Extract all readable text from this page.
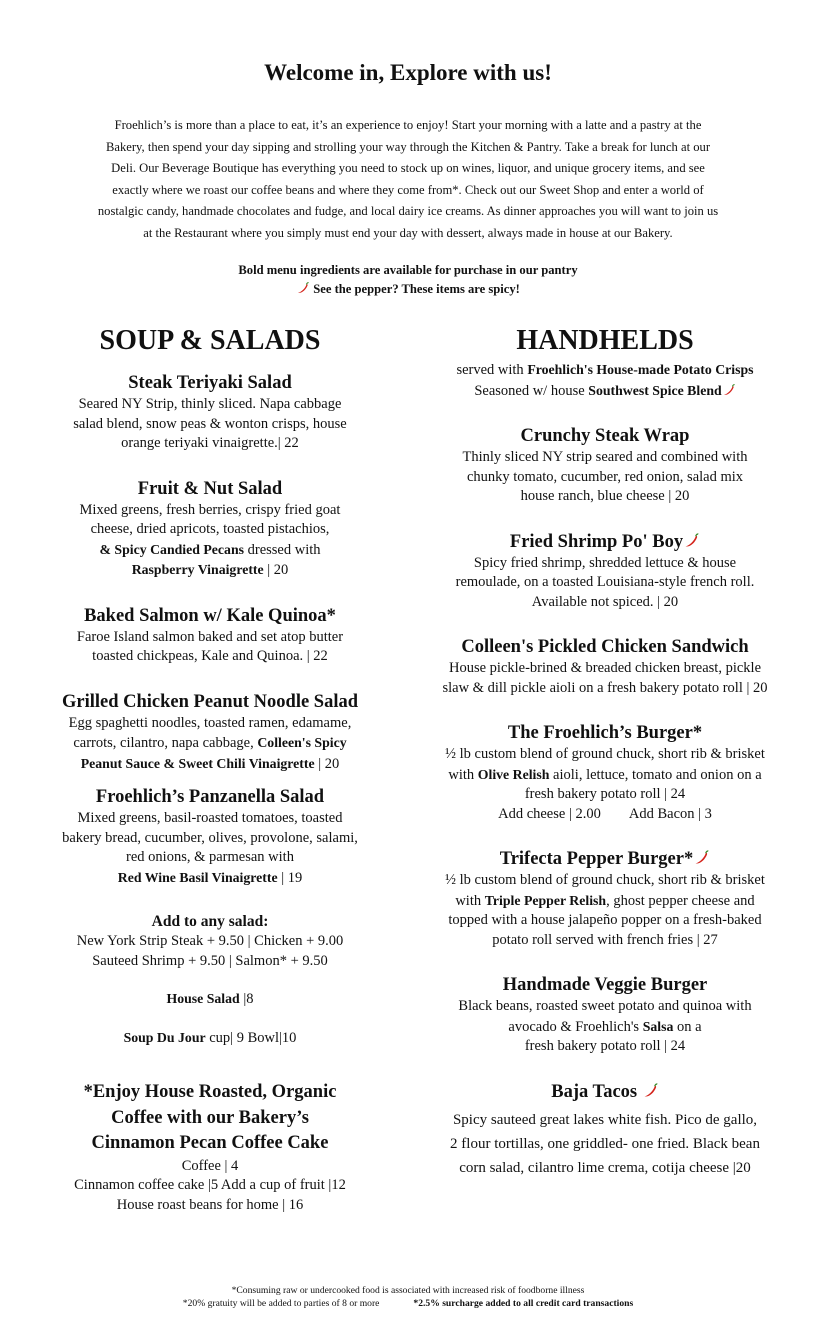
Welcome in, Explore with us!
Froehlich’s is more than a place to eat, it’s an experience to enjoy! Start your morning with a latte and a pastry at the
Bakery, then spend your day sipping and strolling your way through the Kitchen & Pantry. Take a break for lunch at our
Deli. Our Beverage Boutique has everything you need to stock up on wines, liquor, and unique grocery items, and see
exactly where we roast our coffee beans and where they come from*. Check out our Sweet Shop and enter a world of
nostalgic candy, handmade chocolates and fudge, and local dairy ice creams. As dinner approaches you will want to join us
at the Restaurant where you simply must end your day with dessert, always made in house at our Bakery.
Bold menu ingredients are available for purchase in our pantry
See the pepper? These items are spicy!
SOUP & SALADS
Steak Teriyaki Salad
Seared NY Strip, thinly sliced. Napa cabbage
salad blend, snow peas & wonton crisps, house
orange teriyaki vinaigrette.| 22
Fruit & Nut Salad
Mixed greens, fresh berries, crispy fried goat
cheese, dried apricots, toasted pistachios,
& Spicy Candied Pecans dressed with
Raspberry Vinaigrette | 20
Baked Salmon w/ Kale Quinoa*
Faroe Island salmon baked and set atop butter
toasted chickpeas, Kale and Quinoa. | 22
Grilled Chicken Peanut Noodle Salad
Egg spaghetti noodles, toasted ramen, edamame,
carrots, cilantro, napa cabbage, Colleen's Spicy
Peanut Sauce & Sweet Chili Vinaigrette | 20
Froehlich’s Panzanella Salad
Mixed greens, basil-roasted tomatoes, toasted
bakery bread, cucumber, olives, provolone, salami,
red onions, & parmesan with
Red Wine Basil Vinaigrette | 19
Add to any salad:
New York Strip Steak + 9.50 | Chicken + 9.00
Sauteed Shrimp + 9.50 | Salmon* + 9.50
House Salad |8
Soup Du Jour cup| 9 Bowl|10
*Enjoy House Roasted, Organic
Coffee with our Bakery’s
Cinnamon Pecan Coffee Cake
Coffee | 4
Cinnamon coffee cake |5 Add a cup of fruit |12
House roast beans for home | 16
HANDHELDS
served with Froehlich's House-made Potato Crisps
Seasoned w/ house Southwest Spice Blend
Crunchy Steak Wrap
Thinly sliced NY strip seared and combined with
chunky tomato, cucumber, red onion, salad mix
house ranch, blue cheese | 20
Fried Shrimp Po' Boy
Spicy fried shrimp, shredded lettuce & house
remoulade, on a toasted Louisiana-style french roll.
Available not spiced. | 20
Colleen's Pickled Chicken Sandwich
House pickle-brined & breaded chicken breast, pickle
slaw & dill pickle aioli on a fresh bakery potato roll | 20
The Froehlich’s Burger*
½ lb custom blend of ground chuck, short rib & brisket
with Olive Relish aioli, lettuce, tomato and onion on a
fresh bakery potato roll | 24
Add cheese | 2.00 Add Bacon | 3
Trifecta Pepper Burger*
½ lb custom blend of ground chuck, short rib & brisket
with Triple Pepper Relish, ghost pepper cheese and
topped with a house jalapeño popper on a fresh-baked
potato roll served with french fries | 27
Handmade Veggie Burger
Black beans, roasted sweet potato and quinoa with
avocado & Froehlich's Salsa on a
fresh bakery potato roll | 24
Baja Tacos
Spicy sauteed great lakes white fish. Pico de gallo,
2 flour tortillas, one griddled- one fried. Black bean
corn salad, cilantro lime crema, cotija cheese |20
*Consuming raw or undercooked food is associated with increased risk of foodborne illness
*20% gratuity will be added to parties of 8 or more	*2.5% surcharge added to all credit card transactions
